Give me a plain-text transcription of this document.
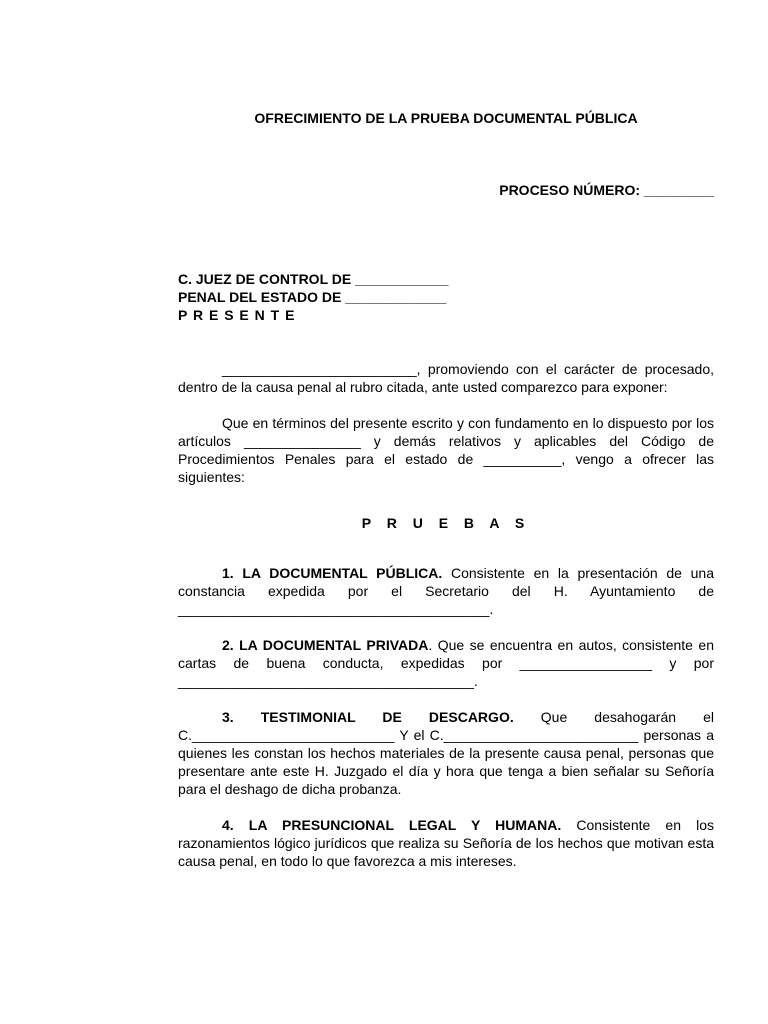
OFRECIMIENTO DE LA PRUEBA DOCUMENTAL PÚBLICA
PROCESO NÚMERO: _________
C. JUEZ DE CONTROL DE ____________
PENAL DEL ESTADO DE _____________
P R E S E N T E

_________________________, promoviendo con el carácter de procesado, dentro de la causa penal al rubro citada, ante usted comparezco para exponer:

Que en términos del presente escrito y con fundamento en lo dispuesto por los artículos _______________ y demás relativos y aplicables del Código de Procedimientos Penales para el estado de __________, vengo a ofrecer las siguientes:

P R U E B A S

1. LA DOCUMENTAL PÚBLICA. Consistente en la presentación de una constancia expedida por el Secretario del H. Ayuntamiento de ________________________________________.

2. LA DOCUMENTAL PRIVADA. Que se encuentra en autos, consistente en cartas de buena conducta, expedidas por _________________ y por ______________________________________.

3. TESTIMONIAL DE DESCARGO. Que desahogarán el C.__________________________ Y el C._________________________ personas a quienes les constan los hechos materiales de la presente causa penal, personas que presentare ante este H. Juzgado el día y hora que tenga a bien señalar su Señoría para el deshago de dicha probanza.

4. LA PRESUNCIONAL LEGAL Y HUMANA. Consistente en los razonamientos lógico jurídicos que realiza su Señoría de los hechos que motivan esta causa penal, en todo lo que favorezca a mis intereses.
